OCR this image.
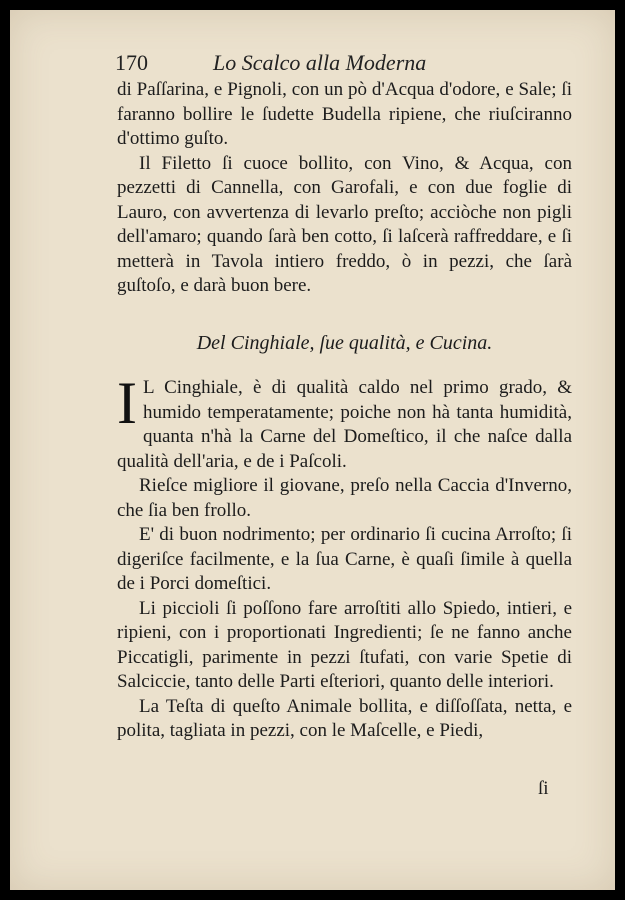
170	Lo Scalco alla Moderna

di Paſſarina, e Pignoli, con un pò d'Acqua d'odore, e Sale; ſi faranno bollire le ſudette Budella ripiene, che riuſciranno d'ottimo guſto.

Il Filetto ſi cuoce bollito, con Vino, & Acqua, con pezzetti di Cannella, con Garofali, e con due foglie di Lauro, con avvertenza di levarlo preſto; acciòche non pigli dell'amaro; quando ſarà ben cotto, ſi laſcerà raffreddare, e ſi metterà in Tavola intiero freddo, ò in pezzi, che ſarà guſtoſo, e darà buon bere.

Del Cinghiale, ſue qualità, e Cucina.

I L Cinghiale, è di qualità caldo nel primo grado, & humido temperatamente; poiche non hà tanta humidità, quanta n'hà la Carne del Domeſtico, il che naſce dalla qualità dell'aria, e de i Paſcoli.

Rieſce migliore il giovane, preſo nella Caccia d'Inverno, che ſia ben frollo.

E' di buon nodrimento; per ordinario ſi cucina Arroſto; ſi digeriſce facilmente, e la ſua Carne, è quaſi ſimile à quella de i Porci domeſtici.

Li piccioli ſi poſſono fare arroſtiti allo Spiedo, intieri, e ripieni, con i proportionati Ingredienti; ſe ne fanno anche Piccatigli, parimente in pezzi ſtufati, con varie Spetie di Salciccie, tanto delle Parti eſteriori, quanto delle interiori.

La Teſta di queſto Animale bollita, e diſſoſſata, netta, e polita, tagliata in pezzi, con le Maſcelle, e Piedi,

ſi
